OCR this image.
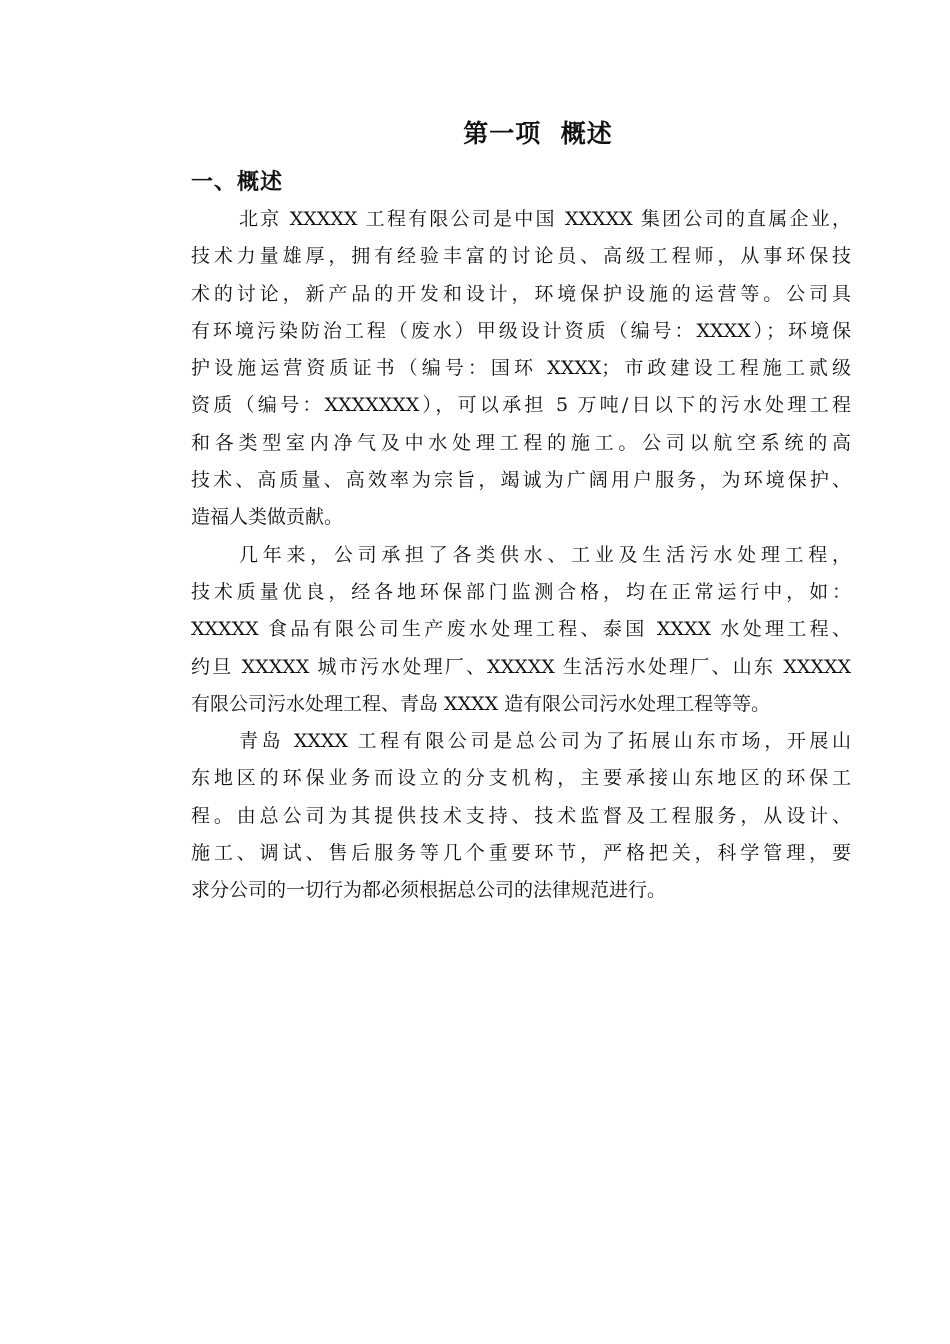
第一项  概述
一、概述
北京 XXXXX 工程有限公司是中国 XXXXX 集团公司的直属企业，
技术力量雄厚，拥有经验丰富的讨论员、高级工程师，从事环保技
术的讨论，新产品的开发和设计，环境保护设施的运营等。公司具
有环境污染防治工程（废水）甲级设计资质（编号：XXXX）；环境保
护设施运营资质证书（编号：国环 XXXX；市政建设工程施工贰级
资质（编号：XXXXXXX），可以承担 5 万吨/日以下的污水处理工程
和各类型室内净气及中水处理工程的施工。公司以航空系统的高
技术、高质量、高效率为宗旨，竭诚为广阔用户服务，为环境保护、
造福人类做贡献。
几年来，公司承担了各类供水、工业及生活污水处理工程，
技术质量优良，经各地环保部门监测合格，均在正常运行中，如：
XXXXX 食品有限公司生产废水处理工程、泰国 XXXX 水处理工程、
约旦 XXXXX 城市污水处理厂、XXXXX 生活污水处理厂、山东 XXXXX
有限公司污水处理工程、青岛 XXXX 造有限公司污水处理工程等等。
青岛 XXXX 工程有限公司是总公司为了拓展山东市场，开展山
东地区的环保业务而设立的分支机构，主要承接山东地区的环保工
程。由总公司为其提供技术支持、技术监督及工程服务，从设计、
施工、调试、售后服务等几个重要环节，严格把关，科学管理，要
求分公司的一切行为都必须根据总公司的法律规范进行。
